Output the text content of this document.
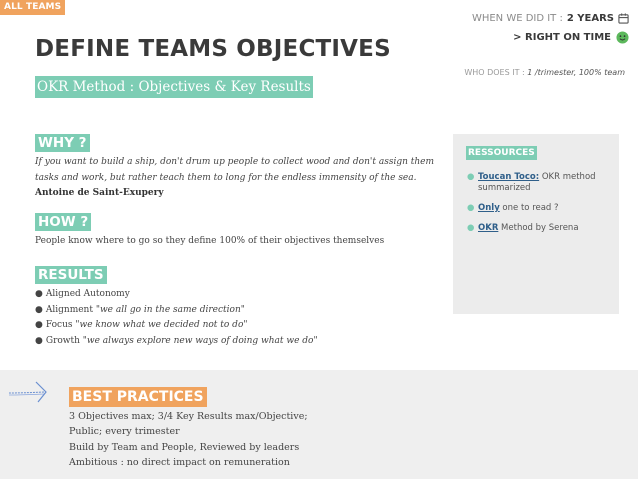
ALL TEAMS
DEFINE TEAMS OBJECTIVES
OKR Method : Objectives & Key Results
WHEN WE DID IT : 2 YEARS
> RIGHT ON TIME
WHO DOES IT : 1 /trimester, 100% team
WHY ?
If you want to build a ship, don't drum up people to collect wood and don't assign them tasks and work, but rather teach them to long for the endless immensity of the sea. Antoine de Saint-Exupery
HOW ?
People know where to go so they define 100% of their objectives themselves
RESULTS
● Aligned Autonomy
● Alignment "we all go in the same direction"
● Focus "we know what we decided not to do"
● Growth "we always explore new ways of doing what we do"
RESSOURCES
● Toucan Toco: OKR method summarized
● Only one to read ?
● OKR Method by Serena
BEST PRACTICES
3 Objectives max; 3/4 Key Results max/Objective;
Public; every trimester
Build by Team and People, Reviewed by leaders
Ambitious : no direct impact on remuneration
